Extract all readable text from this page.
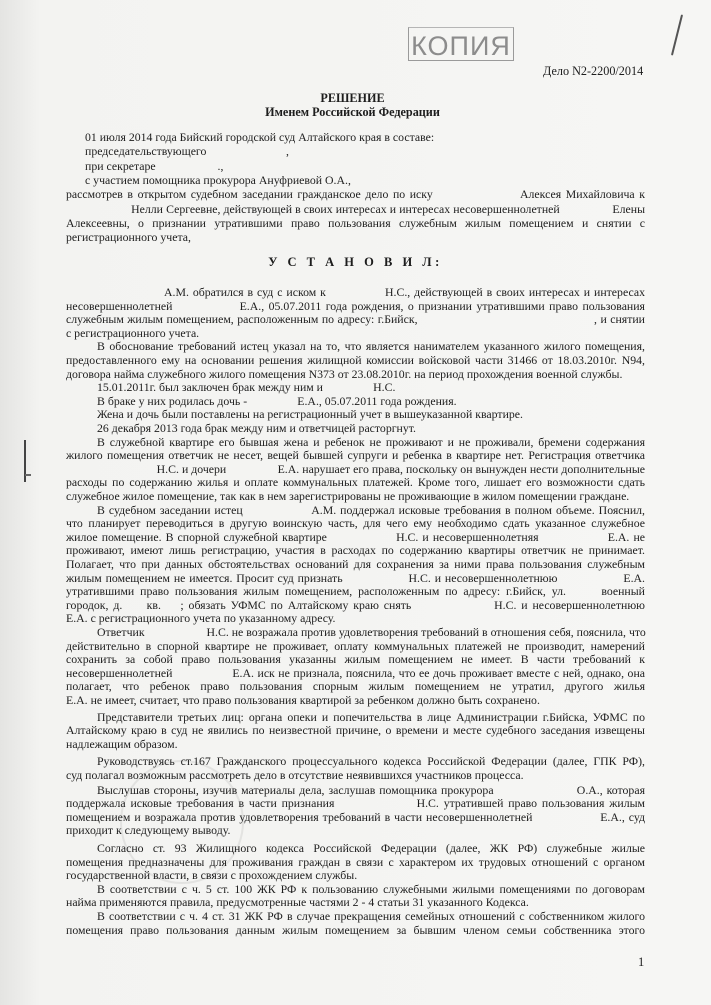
КОПИЯ
Дело N2-2200/2014
РЕШЕНИЕ
Именем Российской Федерации
01 июля 2014 года Бийский городской суд Алтайского края в составе:
председательствующего                           ,
при секретаре                     .,
с участием помощника прокурора Ануфриевой О.А.,
рассмотрев в открытом судебном заседании гражданское дело по иску                   Алексея Михайловича к
Нелли Сергеевне, действующей в своих интересах и интересах несовершеннолетней                 Елены
Алексеевны, о признании утратившими право пользования служебным жилым помещением и снятии с
регистрационного учета,
У С Т А Н О В И Л:
А.М. обратился в суд с иском к               Н.С., действующей в своих интересах и интересах
несовершеннолетней               Е.А., 05.07.2011 года рождения, о признании утратившими право пользования
служебным жилым помещением, расположенным по адресу: г.Бийск,                                                   , и снятии
с регистрационного учета.
В обоснование требований истец указал на то, что является нанимателем указанного жилого помещения,
предоставленного ему на основании решения жилищной комиссии войсковой части 31466 от 18.03.2010г. N94,
договора найма служебного жилого помещения N373 от 23.08.2010г. на период прохождения военной службы.
15.01.2011г. был заключен брак между ним и                 Н.С.
В браке у них родилась дочь -                 Е.А., 05.07.2011 года рождения.
Жена и дочь были поставлены на регистрационный учет в вышеуказанной квартире.
26 декабря 2013 года брак между ним и ответчицей расторгнут.
В служебной квартире его бывшая жена и ребенок не проживают и не проживали, бремени содержания
жилого помещения ответчик не несет, вещей бывшей супруги и ребенка в квартире нет. Регистрация ответчика
Н.С. и дочери                 Е.А. нарушает его права, поскольку он вынужден нести дополнительные
расходы по содержанию жилья и оплате коммунальных платежей. Кроме того, лишает его возможности сдать
служебное жилое помещение, так как в нем зарегистрированы не проживающие в жилом помещении граждане.
В судебном заседании истец                 А.М. поддержал исковые требования в полном объеме. Пояснил,
что планирует переводиться в другую воинскую часть, для чего ему необходимо сдать указанное служебное
жилое помещение. В спорной служебной квартире                 Н.С. и несовершеннолетняя                 Е.А. не
проживают, имеют лишь регистрацию, участия в расходах по содержанию квартиры ответчик не принимает.
Полагает, что при данных обстоятельствах оснований для сохранения за ними права пользования служебным
жилым помещением не имеется. Просит суд признать                 Н.С. и несовершеннолетнюю                 Е.А.
утратившими право пользования жилым помещением, расположенным по адресу: г.Бийск, ул.      военный
городок, д.     кв.    ; обязать УФМС по Алтайскому краю снять                 Н.С. и несовершеннолетнюю
Е.А. с регистрационного учета по указанному адресу.
Ответчик                     Н.С. не возражала против удовлетворения требований в отношения себя, пояснила, что
действительно в спорной квартире не проживает, оплату коммунальных платежей не производит, намерений
сохранить за собой право пользования указанны жилым помещением не имеет. В части требований к
несовершеннолетней                 Е.А. иск не признала, пояснила, что ее дочь проживает вместе с ней, однако, она
полагает, что ребенок право пользования спорным жилым помещением не утратил, другого жилья
Е.А. не имеет, считает, что право пользования квартирой за ребенком должно быть сохранено.
Представители третьих лиц: органа опеки и попечительства в лице Администрации г.Бийска, УФМС по
Алтайскому краю в суд не явились по неизвестной причине, о времени и месте судебного заседания извещены
надлежащим образом.
Руководствуясь ст.167 Гражданского процессуального кодекса Российской Федерации (далее, ГПК РФ),
суд полагал возможным рассмотреть дело в отсутствие неявившихся участников процесса.
Выслушав стороны, изучив материалы дела, заслушав помощника прокурора                     О.А., которая
поддержала исковые требования в части признания                 Н.С. утратившей право пользования жилым
помещением и возражала против удовлетворения требований в части несовершеннолетней                 Е.А., суд
приходит к следующему выводу.
Согласно ст. 93 Жилищного кодекса Российской Федерации (далее, ЖК РФ) служебные жилые
помещения предназначены для проживания граждан в связи с характером их трудовых отношений с органом
государственной власти, в связи с прохождением службы.
В соответствии с ч. 5 ст. 100 ЖК РФ к пользованию служебными жилыми помещениями по договорам
найма применяются правила, предусмотренные частями 2 - 4 статьи 31 указанного Кодекса.
В соответствии с ч. 4 ст. 31 ЖК РФ в случае прекращения семейных отношений с собственником жилого
помещения право пользования данным жилым помещением за бывшим членом семьи собственника этого
1
